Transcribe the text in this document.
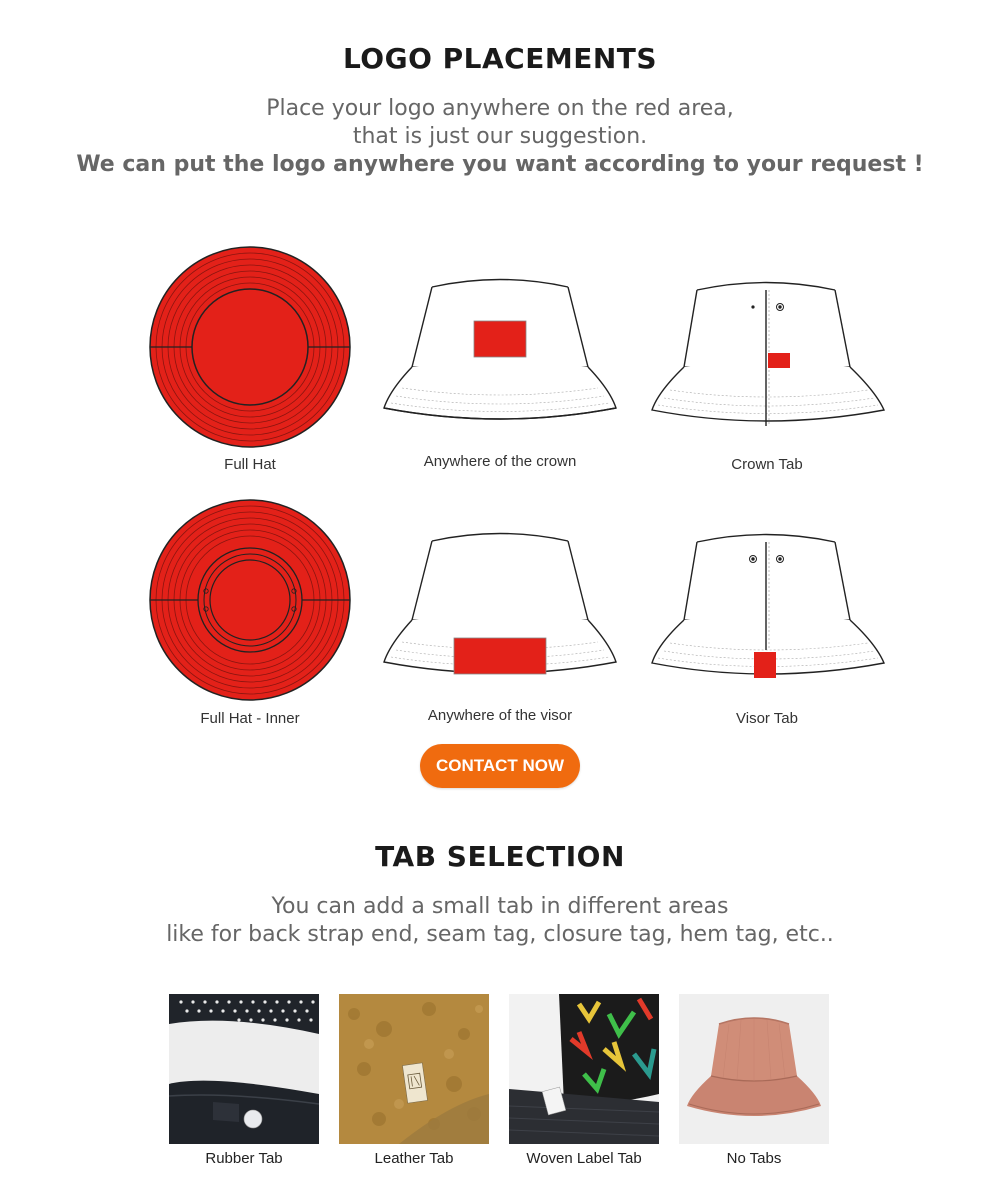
LOGO PLACEMENTS
Place your logo anywhere on the red area,
that is just our suggestion.
We can put the logo anywhere you want according to your request !
Full Hat	Anywhere of the crown	Crown Tab
Full Hat - Inner	Anywhere of the visor	Visor Tab
CONTACT NOW
TAB SELECTION
You can add a small tab in different areas
like for back strap end, seam tag, closure tag, hem tag, etc..
Rubber Tab	Leather Tab	Woven Label Tab	No Tabs
